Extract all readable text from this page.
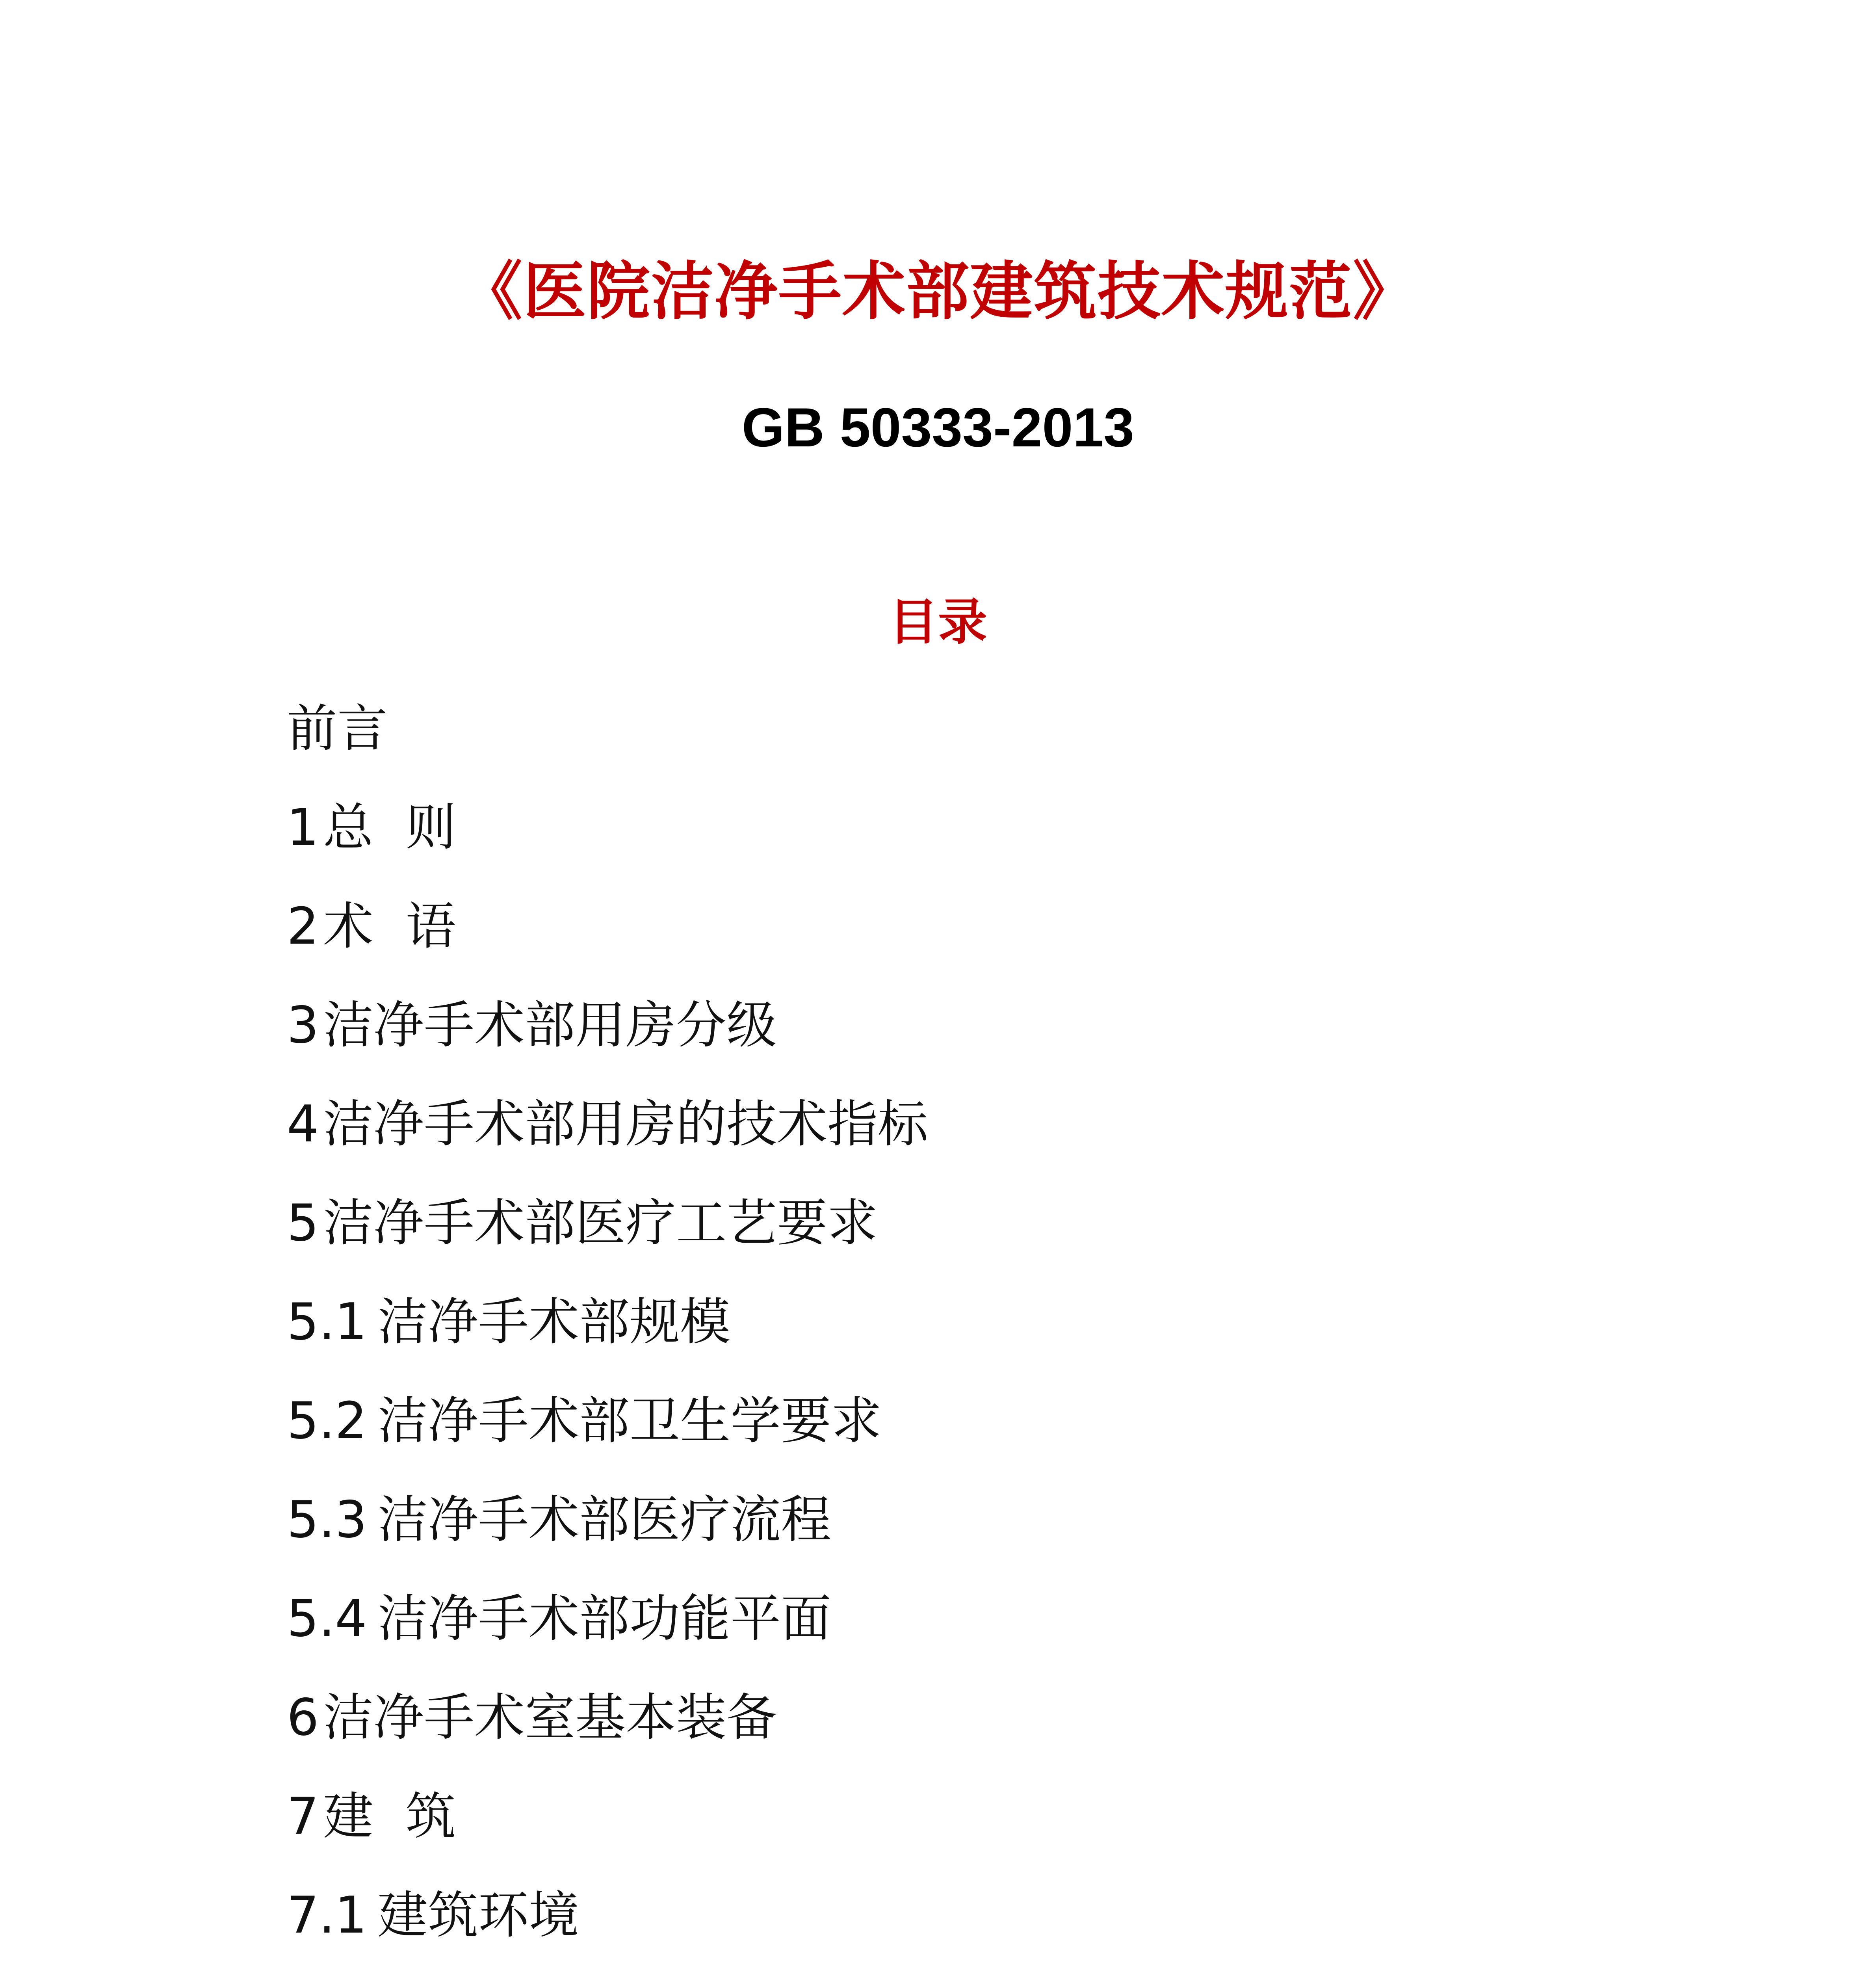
《医院洁净手术部建筑技术规范》
GB 50333-2013
目录
前言
1总  则
2术  语
3洁净手术部用房分级
4洁净手术部用房的技术指标
5洁净手术部医疗工艺要求
5.1 洁净手术部规模
5.2 洁净手术部卫生学要求
5.3 洁净手术部医疗流程
5.4 洁净手术部功能平面
6洁净手术室基本装备
7建  筑
7.1 建筑环境
